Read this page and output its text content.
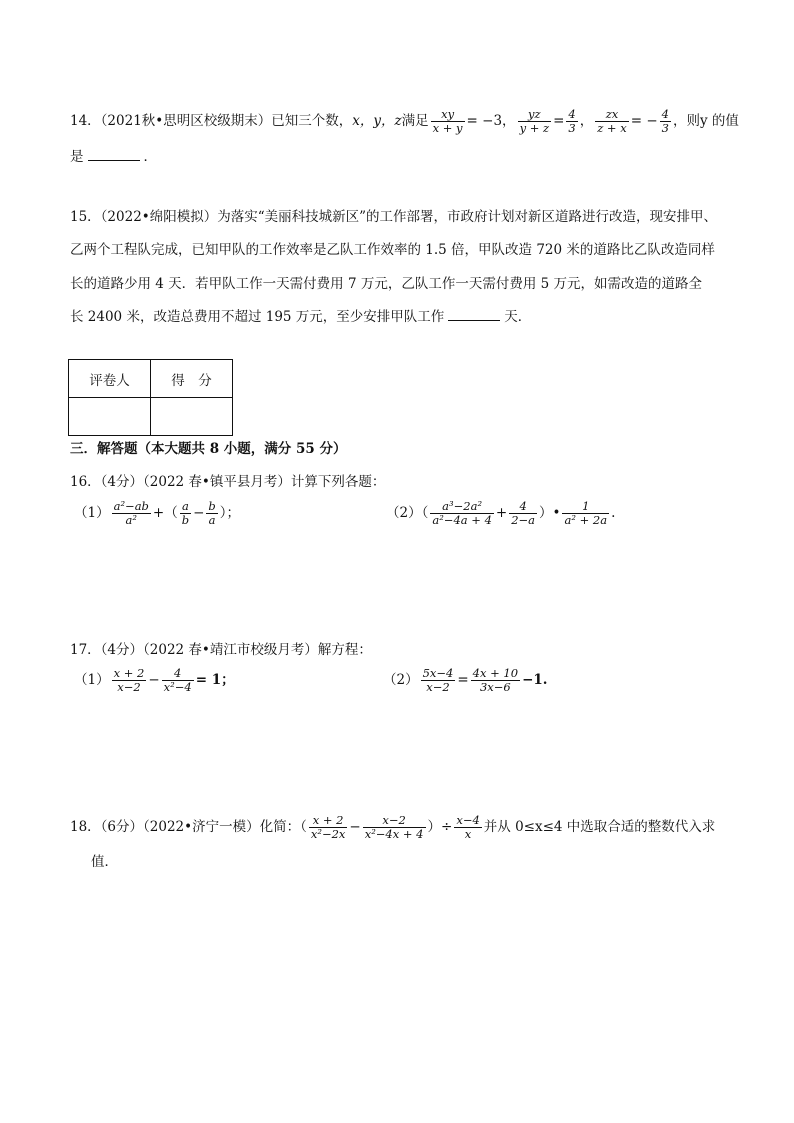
14．（2021秋•思明区校级期末）已知三个数，x，y，z满足 $\frac{xy}{x + y} = -3$， $\frac{yz}{y + z} = \frac{4}{3}$ ， $\frac{zx}{z + x}$ = − $\frac{4}{3}$ ，则y 的值
是	．
15．（2022•绵阳模拟）为落实“美丽科技城新区”的工作部署，市政府计划对新区道路进行改造，现安排甲、
乙两个工程队完成，已知甲队的工作效率是乙队工作效率的 1.5 倍，甲队改造 720 米的道路比乙队改造同样
长的道路少用 4 天．若甲队工作一天需付费用 7 万元，乙队工作一天需付费用 5 万元，如需改造的道路全
长 2400 米，改造总费用不超过 195 万元，至少安排甲队工作	天．
评卷人	得　分

三．解答题（本大题共 8 小题，满分 55 分）
16．（4分）（2022 春•镇平县月考）计算下列各题：
$(1) \frac{\text{a²−ab}}{\text{a²}}$ +（ $\frac{a}{b} - \frac{b}{a}$ ）；	$(2)( \frac{\text{a³−2a²}}{\text{a²−4a + 4}} + \frac{4}{2-a}$ ）• $\frac{1}{\text{a² + 2a}}$ .
17．（4分）（2022 春•靖江市校级月考）解方程：
$(1) \frac{x + 2}{x-2} - \frac{4}{\text{x²−4}} = 1$；	$(2) \frac{5x-4}{x-2} = \frac{4x + 10}{3x-6} -1$.
18．（6分）（2022•济宁一模）化简：（ $\frac{x + 2}{\text{x²−2x}} - \frac{x-2}{\text{x²−4x + 4}}$ ）÷ $\frac{x-4}{x}$ 并从 0≤x≤4 中选取合适的整数代入求
值．
